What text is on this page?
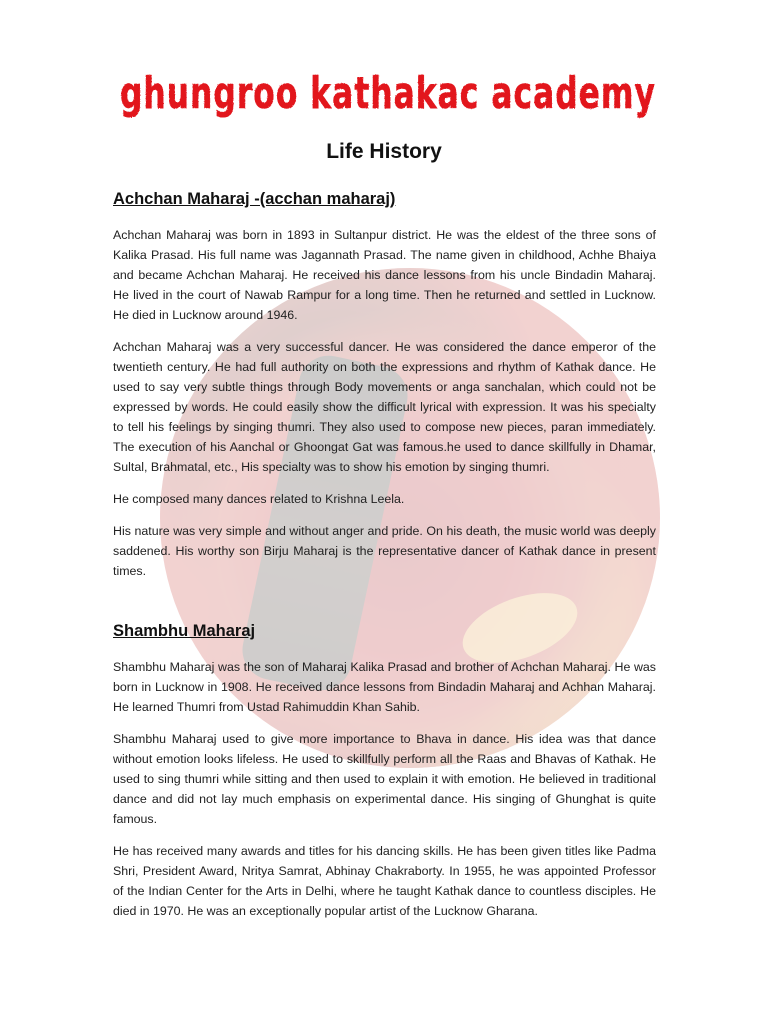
ghungroo kathakac academy
Life History
Achchan Maharaj -(acchan maharaj)

Achchan Maharaj was born in 1893 in Sultanpur district. He was the eldest of the three sons of Kalika Prasad. His full name was Jagannath Prasad. The name given in childhood, Achhe Bhaiya and became Achchan Maharaj. He received his dance lessons from his uncle Bindadin Maharaj. He lived in the court of Nawab Rampur for a long time. Then he returned and settled in Lucknow. He died in Lucknow around 1946.

Achchan Maharaj was a very successful dancer. He was considered the dance emperor of the twentieth century. He had full authority on both the expressions and rhythm of Kathak dance. He used to say very subtle things through Body movements or anga sanchalan, which could not be expressed by words. He could easily show the difficult lyrical with expression. It was his specialty to tell his feelings by singing thumri. They also used to compose new pieces, paran immediately. The execution of his Aanchal or Ghoongat Gat was famous.he used to dance skillfully in Dhamar, Sultal, Brahmatal, etc., His specialty was to show his emotion by singing thumri.

He composed many dances related to Krishna Leela.

His nature was very simple and without anger and pride. On his death, the music world was deeply saddened. His worthy son Birju Maharaj is the representative dancer of Kathak dance in present times.

Shambhu Maharaj

Shambhu Maharaj was the son of Maharaj Kalika Prasad and brother of Achchan Maharaj. He was born in Lucknow in 1908. He received dance lessons from Bindadin Maharaj and Achhan Maharaj. He learned Thumri from Ustad Rahimuddin Khan Sahib.

Shambhu Maharaj used to give more importance to Bhava in dance. His idea was that dance without emotion looks lifeless. He used to skillfully perform all the Raas and Bhavas of Kathak. He used to sing thumri while sitting and then used to explain it with emotion. He believed in traditional dance and did not lay much emphasis on experimental dance. His singing of Ghunghat is quite famous.

He has received many awards and titles for his dancing skills. He has been given titles like Padma Shri, President Award, Nritya Samrat, Abhinay Chakraborty. In 1955, he was appointed Professor of the Indian Center for the Arts in Delhi, where he taught Kathak dance to countless disciples. He died in 1970. He was an exceptionally popular artist of the Lucknow Gharana.
